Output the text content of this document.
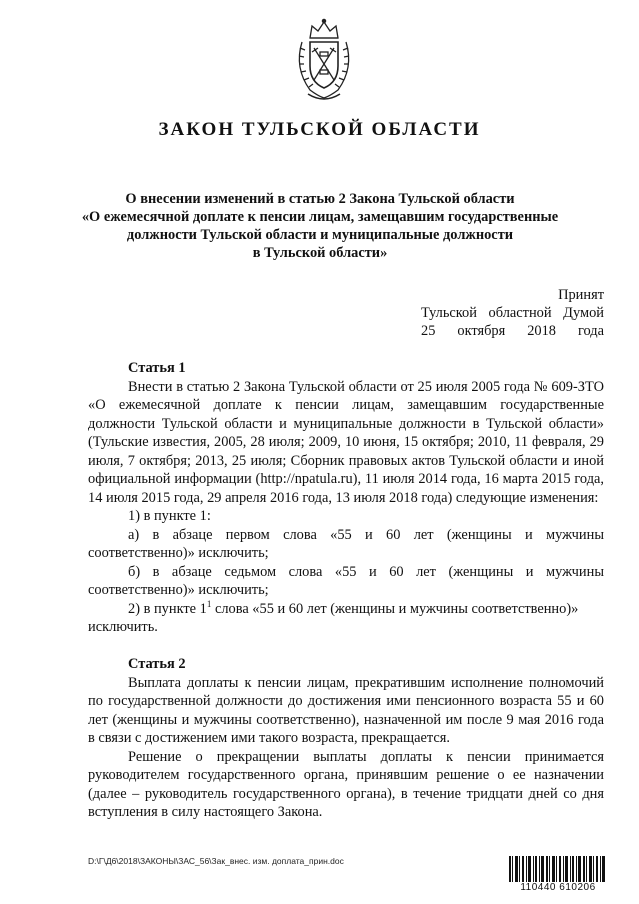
ЗАКОН ТУЛЬСКОЙ ОБЛАСТИ
О внесении изменений в статью 2 Закона Тульской области
«О ежемесячной доплате к пенсии лицам, замещавшим государственные
должности Тульской области и муниципальные должности
в Тульской области»
Принят
Тульской областной Думой
25 октября 2018 года
Статья 1

Внести в статью 2 Закона Тульской области от 25 июля 2005 года № 609-ЗТО «О ежемесячной доплате к пенсии лицам, замещавшим государственные должности Тульской области и муниципальные должности в Тульской области» (Тульские известия, 2005, 28 июля; 2009, 10 июня, 15 октября; 2010, 11 февраля, 29 июля, 7 октября; 2013, 25 июля; Сборник правовых актов Тульской области и иной официальной информации (http://npatula.ru), 11 июля 2014 года, 16 марта 2015 года, 14 июля 2015 года, 29 апреля 2016 года, 13 июля 2018 года) следующие изменения:

1) в пункте 1:

а) в абзаце первом слова «55 и 60 лет (женщины и мужчины

соответственно)» исключить;

б) в абзаце седьмом слова «55 и 60 лет (женщины и мужчины

соответственно)» исключить;

2) в пункте $1^1$ слова «55 и 60 лет (женщины и мужчины соответственно)»

исключить.

Статья 2

Выплата доплаты к пенсии лицам, прекратившим исполнение полномочий по государственной должности до достижения ими пенсионного возраста 55 и 60 лет (женщины и мужчины соответственно), назначенной им после 9 мая 2016 года в связи с достижением ими такого возраста, прекращается.

Решение о прекращении выплаты доплаты к пенсии принимается руководителем государственного органа, принявшим решение о ее назначении (далее – руководитель государственного органа), в течение тридцати дней со дня вступления в силу настоящего Закона.

D:\Г\Д6\2018\ЗАКОНЫ\ЗАС_56\Зак_внес. изм. доплата_прин.doc
110440 610206
